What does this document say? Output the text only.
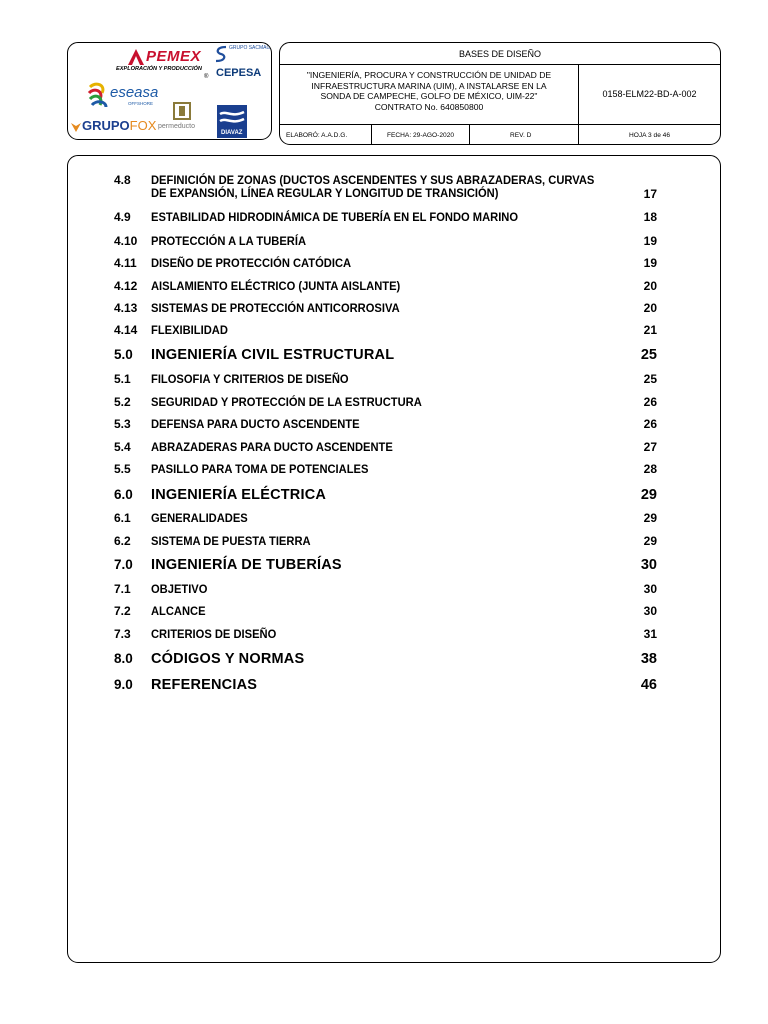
PEMEX
EXPLORACIÓN Y PRODUCCIÓN
®
GRUPO SACMAG
CEPESA
eseasa
OFFSHORE
GRUPOFOX permeducto
DIAVAZ
BASES DE DISEÑO
"INGENIERÍA, PROCURA Y CONSTRUCCIÓN DE UNIDAD DE
INFRAESTRUCTURA MARINA (UIM), A INSTALARSE EN LA
SONDA DE CAMPECHE, GOLFO DE MÉXICO, UIM-22"
CONTRATO No. 640850800
0158-ELM22-BD-A-002
ELABORÓ: A.A.D.G.	FECHA: 29-AGO-2020	REV. D	HOJA 3 de 46
4.8 DEFINICIÓN DE ZONAS (DUCTOS ASCENDENTES Y SUS ABRAZADERAS, CURVAS
DE EXPANSIÓN, LÍNEA REGULAR Y LONGITUD DE TRANSICIÓN)	17
4.9 ESTABILIDAD HIDRODINÁMICA DE TUBERÍA EN EL FONDO MARINO	18
4.10 PROTECCIÓN A LA TUBERÍA	19
4.11 DISEÑO DE PROTECCIÓN CATÓDICA	19
4.12 AISLAMIENTO ELÉCTRICO (JUNTA AISLANTE)	20
4.13 SISTEMAS DE PROTECCIÓN ANTICORROSIVA	20
4.14 FLEXIBILIDAD	21
5.0 INGENIERÍA CIVIL ESTRUCTURAL	25
5.1 FILOSOFIA Y CRITERIOS DE DISEÑO	25
5.2 SEGURIDAD Y PROTECCIÓN DE LA ESTRUCTURA	26
5.3 DEFENSA PARA DUCTO ASCENDENTE	26
5.4 ABRAZADERAS PARA DUCTO ASCENDENTE	27
5.5 PASILLO PARA TOMA DE POTENCIALES	28
6.0 INGENIERÍA ELÉCTRICA	29
6.1 GENERALIDADES	29
6.2 SISTEMA DE PUESTA TIERRA	29
7.0 INGENIERÍA DE TUBERÍAS	30
7.1 OBJETIVO	30
7.2 ALCANCE	30
7.3 CRITERIOS DE DISEÑO	31
8.0 CÓDIGOS Y NORMAS	38
9.0 REFERENCIAS	46
